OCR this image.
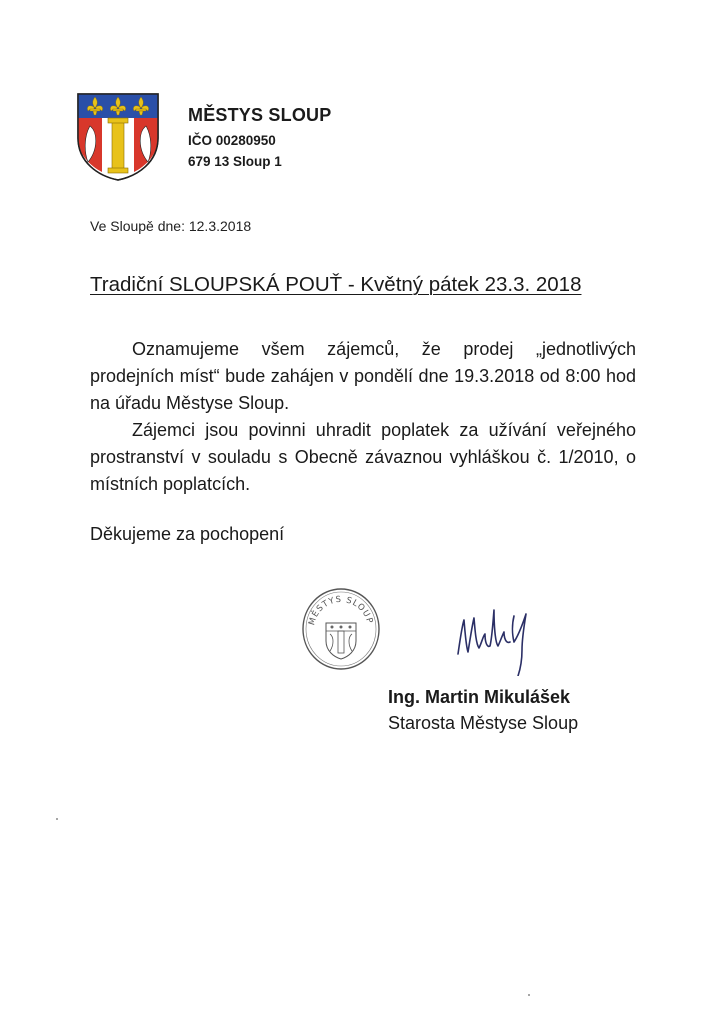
MĚSTYS SLOUP
IČO 00280950
679 13 Sloup 1
Ve Sloupě dne: 12.3.2018
Tradiční SLOUPSKÁ POUŤ - Květný pátek 23.3. 2018

Oznamujeme všem zájemců, že prodej „jednotlivých prodejních míst“ bude zahájen v pondělí dne 19.3.2018 od 8:00 hod na úřadu Městyse Sloup.

Zájemci jsou povinni uhradit poplatek za užívání veřejného prostranství v souladu s Obecně závaznou vyhláškou č. 1/2010, o místních poplatcích.

Děkujeme za pochopení
MĚSTYS SLOUP
Ing. Martin Mikulášek
Starosta Městyse Sloup
